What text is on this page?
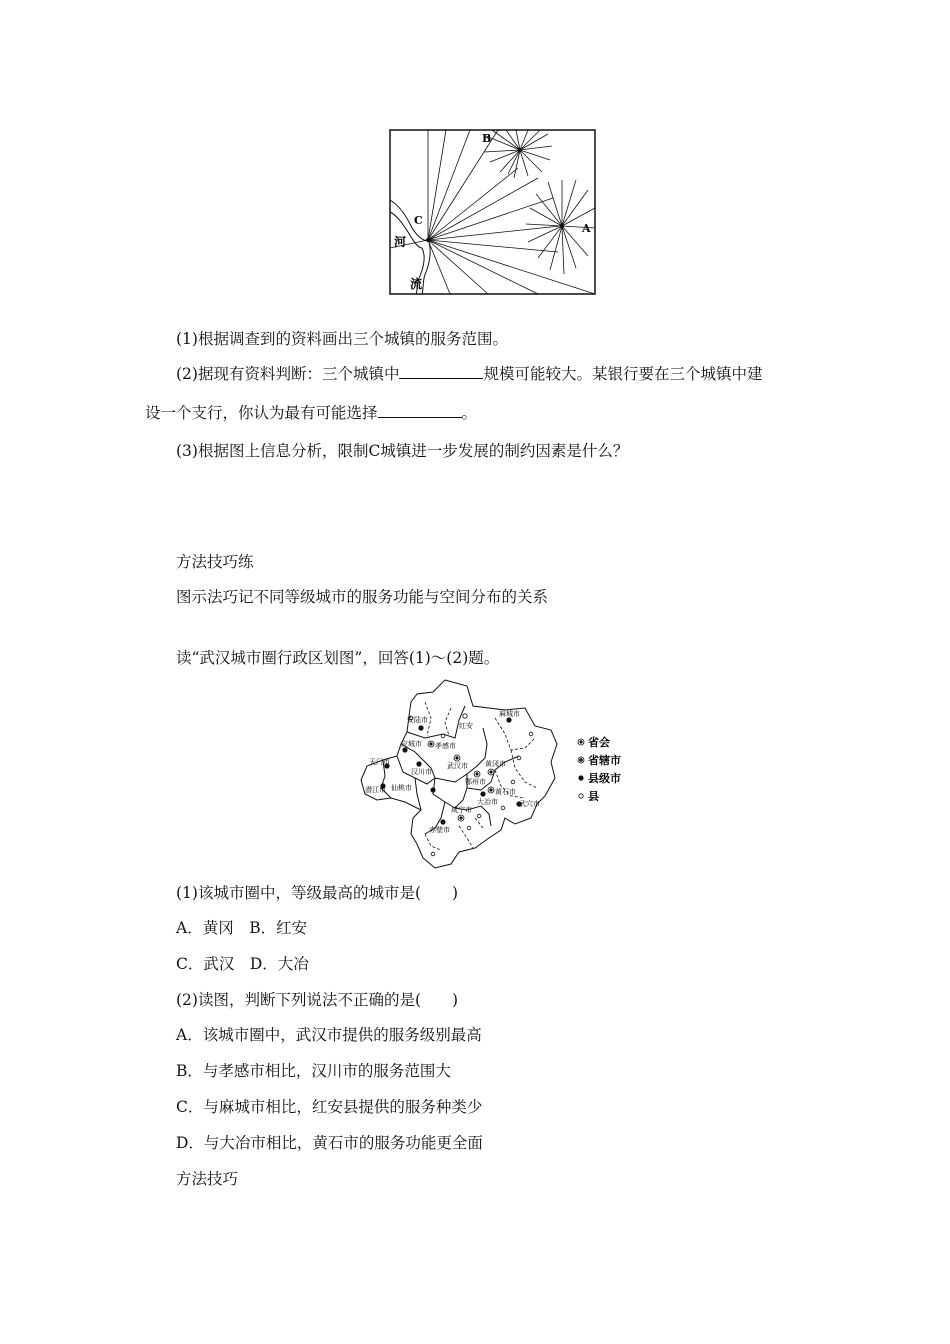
B
A
C
河
流
(1)根据调查到的资料画出三个城镇的服务范围。
(2)据现有资料判断：三个城镇中	规模可能较大。某银行要在三个城镇中建
设一个支行，你认为最有可能选择	。
(3)根据图上信息分析，限制C城镇进一步发展的制约因素是什么？
方法技巧练
图示法巧记不同等级城市的服务功能与空间分布的关系
读“武汉城市圈行政区划图”，回答(1)～(2)题。
安陆市
红安
麻城市
应城市 孝感市
天门市
汉川市
武汉市 黄冈市
鄂州市
潜江市 仙桃市	黄石市
大冶市	武穴市
咸宁市
赤壁市
省会
省辖市
县级市
县
(1)该城市圈中，等级最高的城市是(　　)
A．黄冈　B．红安
C．武汉　D．大冶
(2)读图，判断下列说法不正确的是(　　)
A．该城市圈中，武汉市提供的服务级别最高
B．与孝感市相比，汉川市的服务范围大
C．与麻城市相比，红安县提供的服务种类少
D．与大冶市相比，黄石市的服务功能更全面
方法技巧
